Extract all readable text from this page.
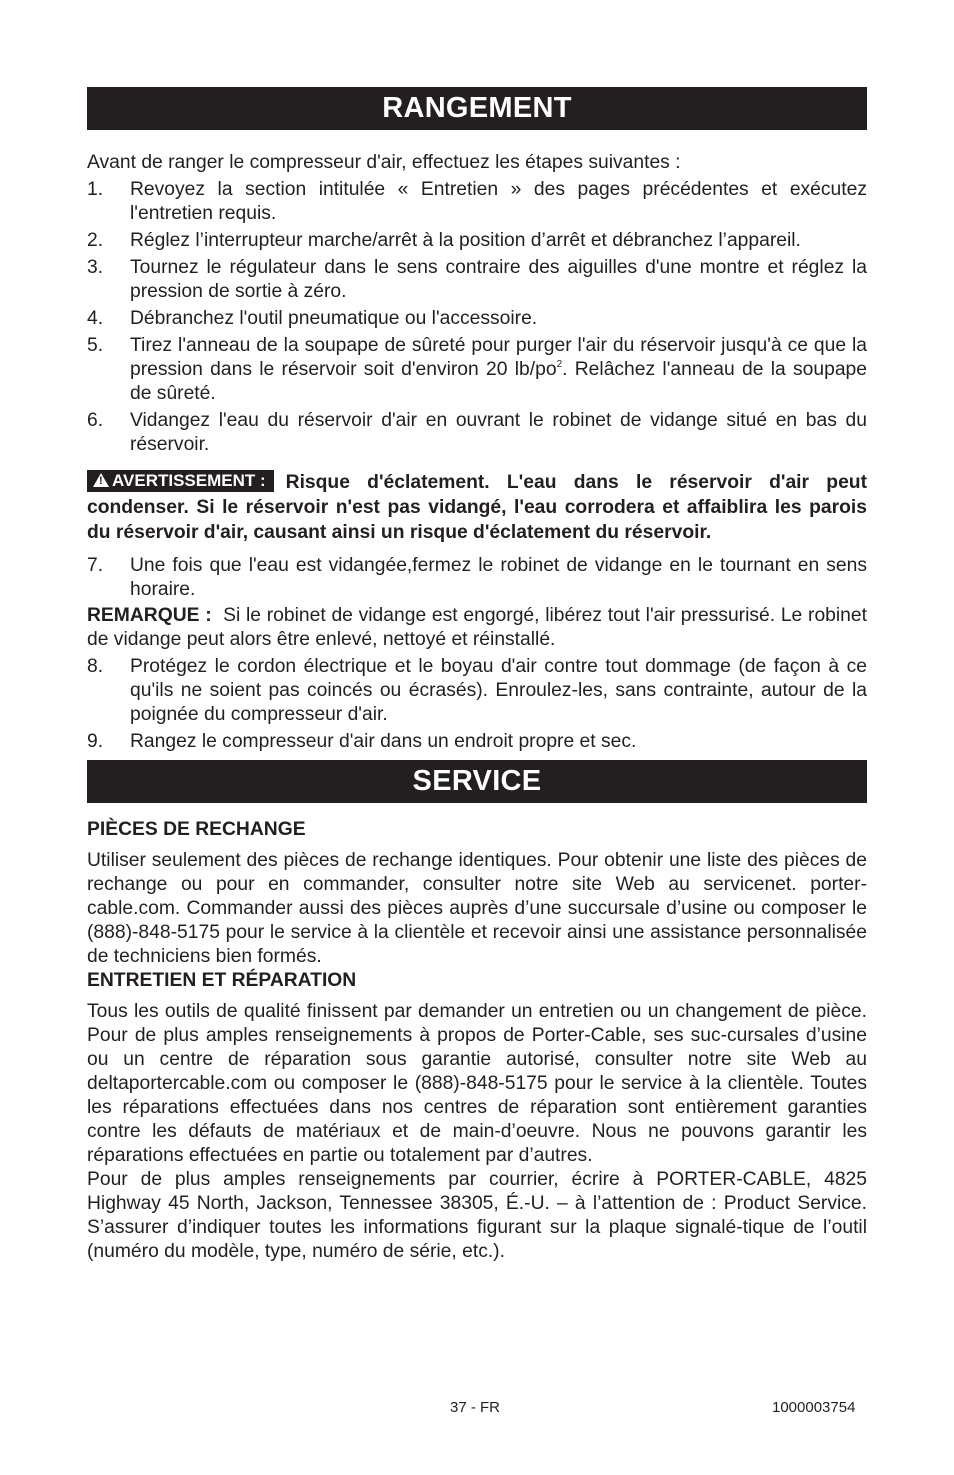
RANGEMENT

Avant de ranger le compresseur d'air, effectuez les étapes suivantes :

1. Revoyez la section intitulée « Entretien » des pages précédentes et exécutez l'entretien requis.
2. Réglez l’interrupteur marche/arrêt à la position d’arrêt et débranchez l’appareil.
3. Tournez le régulateur dans le sens contraire des aiguilles d'une montre et réglez la pression de sortie à zéro.
4. Débranchez l'outil pneumatique ou l'accessoire.
5. Tirez l'anneau de la soupape de sûreté pour purger l'air du réservoir jusqu'à ce que la pression dans le réservoir soit d'environ 20 $lb/po^2$. Relâchez l'anneau de la soupape de sûreté.
6. Vidangez l'eau du réservoir d'air en ouvrant le robinet de vidange situé en bas du réservoir.
!AVERTISSEMENT : Risque d'éclatement. L'eau dans le réservoir d'air peut condenser. Si le réservoir n'est pas vidangé, l'eau corrodera et affaiblira les parois du réservoir d'air, causant ainsi un risque d'éclatement du réservoir.
7. Une fois que l'eau est vidangée,fermez le robinet de vidange en le tournant en sens horaire.

REMARQUE : Si le robinet de vidange est engorgé, libérez tout l'air pressurisé. Le robinet de vidange peut alors être enlevé, nettoyé et réinstallé.

8. Protégez le cordon électrique et le boyau d'air contre tout dommage (de façon à ce qu'ils ne soient pas coincés ou écrasés). Enroulez-les, sans contrainte, autour de la poignée du compresseur d'air.
9. Rangez le compresseur d'air dans un endroit propre et sec.
SERVICE

PIÈCES DE RECHANGE

Utiliser seulement des pièces de rechange identiques. Pour obtenir une liste des pièces de rechange ou pour en commander, consulter notre site Web au servicenet. porter-cable.com. Commander aussi des pièces auprès d’une succursale d’usine ou composer le (888)-848-5175 pour le service à la clientèle et recevoir ainsi une assistance personnalisée de techniciens bien formés.

ENTRETIEN ET RÉPARATION

Tous les outils de qualité finissent par demander un entretien ou un changement de pièce. Pour de plus amples renseignements à propos de Porter-Cable, ses suc-cursales d’usine ou un centre de réparation sous garantie autorisé, consulter notre site Web au deltaportercable.com ou composer le (888)-848-5175 pour le service à la clientèle. Toutes les réparations effectuées dans nos centres de réparation sont entièrement garanties contre les défauts de matériaux et de main-d’oeuvre. Nous ne pouvons garantir les réparations effectuées en partie ou totalement par d’autres.

Pour de plus amples renseignements par courrier, écrire à PORTER-CABLE, 4825 Highway 45 North, Jackson, Tennessee 38305, É.-U. – à l’attention de : Product Service. S’assurer d’indiquer toutes les informations figurant sur la plaque signalé-tique de l’outil (numéro du modèle, type, numéro de série, etc.).

37 - FR	1000003754
